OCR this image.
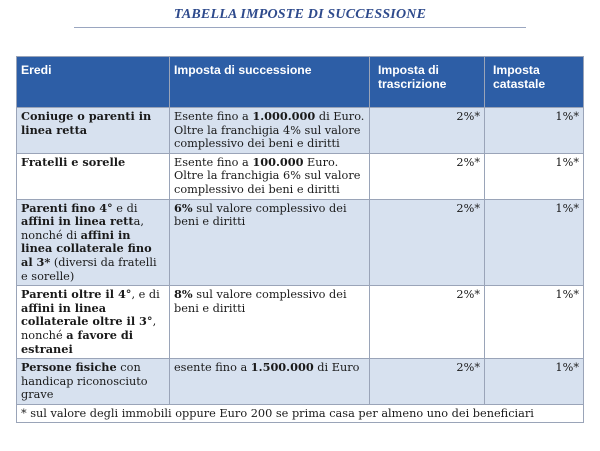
TABELLA IMPOSTE DI SUCCESSIONE
Eredi	Imposta di successione	Imposta di trascrizione	Imposta catastale
Coniuge o parenti in linea retta	Esente fino a 1.000.000 di Euro. Oltre la franchigia 4% sul valore complessivo dei beni e diritti	2%*	1%*
Fratelli e sorelle	Esente fino a 100.000 Euro. Oltre la franchigia 6% sul valore complessivo dei beni e diritti	2%*	1%*
Parenti fino 4° e di affini in linea retta, nonché di affini in linea collaterale fino al 3* (diversi da fratelli e sorelle)	6% sul valore complessivo dei beni e diritti	2%*	1%*
Parenti oltre il 4°, e di affini in linea collaterale oltre il 3°, nonché a favore di estranei	8% sul valore complessivo dei beni e diritti	2%*	1%*
Persone fisiche con handicap riconosciuto grave	esente fino a 1.500.000 di Euro	2%*	1%*
* sul valore degli immobili oppure Euro 200 se prima casa per almeno uno dei beneficiari			
